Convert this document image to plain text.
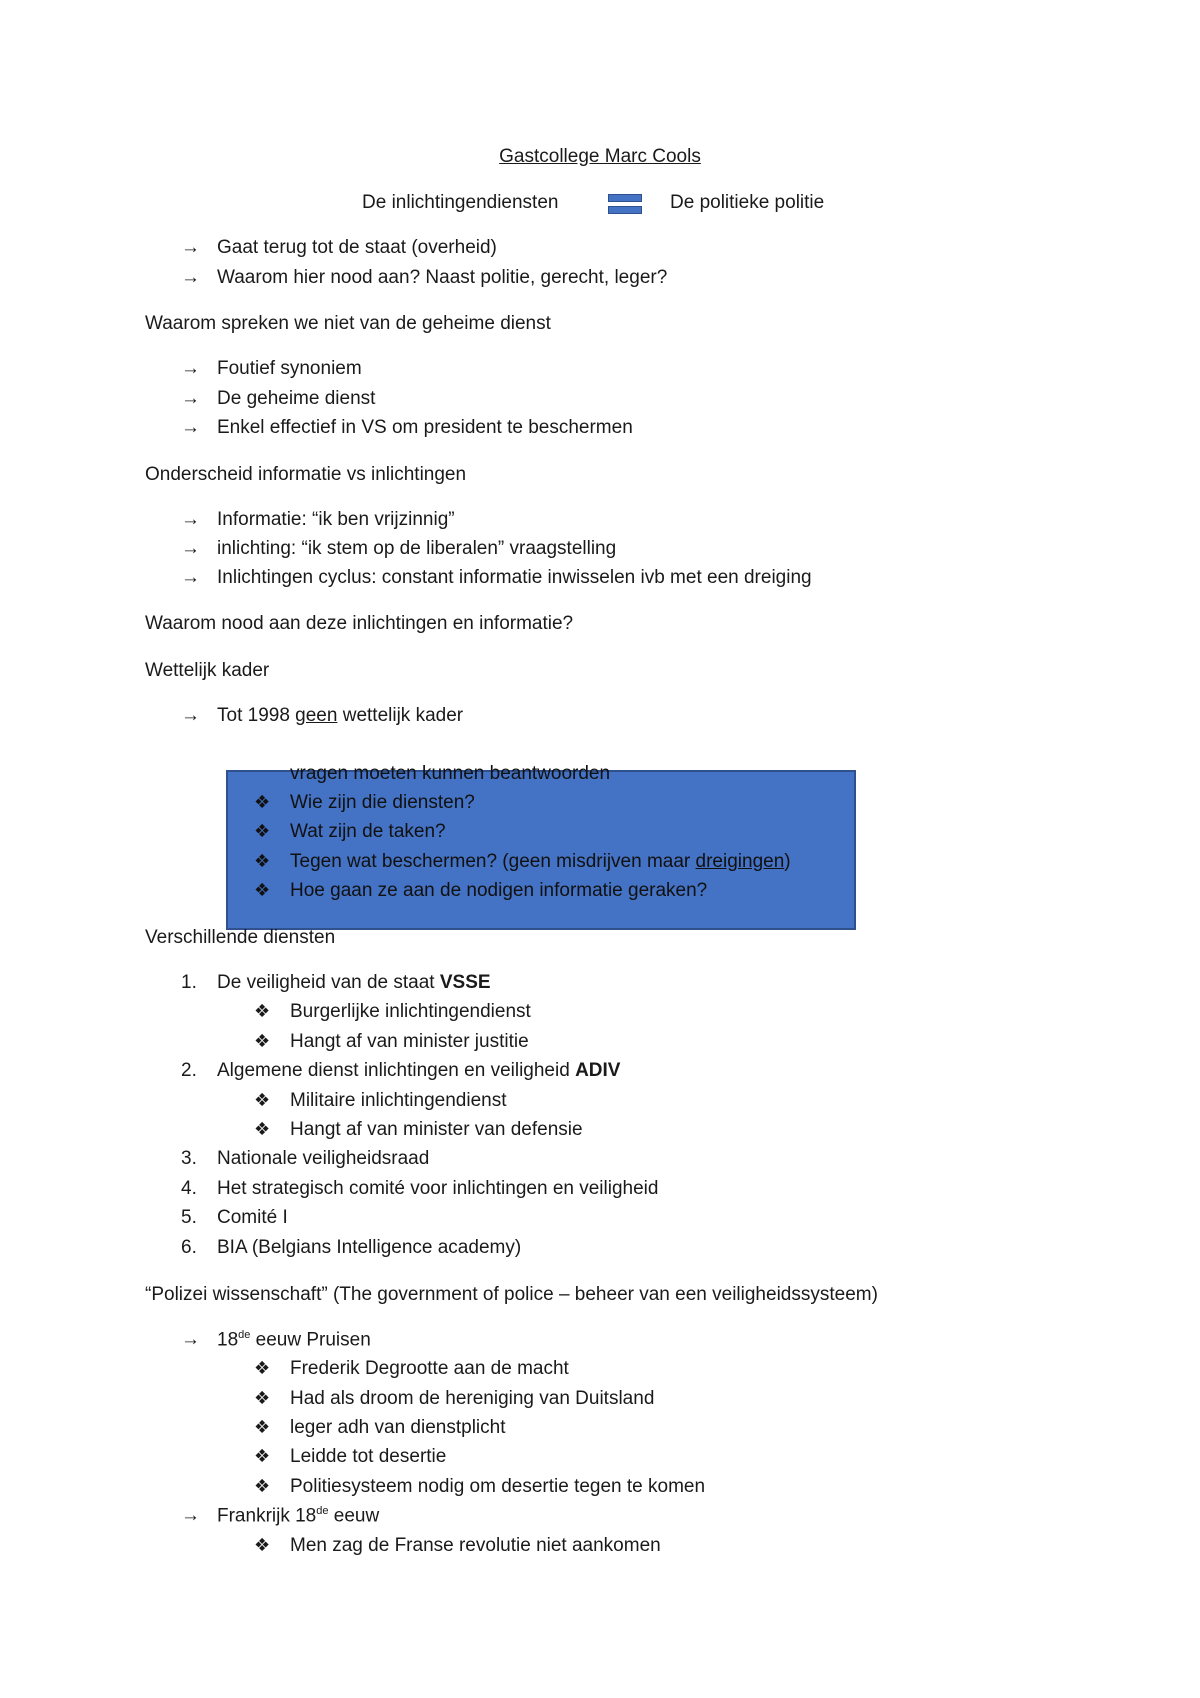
Gastcollege Marc Cools
De inlichtingendiensten	De politieke politie
→ Gaat terug tot de staat (overheid)
→ Waarom hier nood aan? Naast politie, gerecht, leger?
Waarom spreken we niet van de geheime dienst
→ Foutief synoniem
→ De geheime dienst
→ Enkel effectief in VS om president te beschermen
Onderscheid informatie vs inlichtingen
→ Informatie: “ik ben vrijzinnig”
→ inlichting: “ik stem op de liberalen” vraagstelling
→ Inlichtingen cyclus: constant informatie inwisselen ivb met een dreiging
Waarom nood aan deze inlichtingen en informatie?
Wettelijk kader
→ Tot 1998 geen wettelijk kader
vragen moeten kunnen beantwoorden
❖ Wie zijn die diensten?
❖ Wat zijn de taken?
❖ Tegen wat beschermen? (geen misdrijven maar dreigingen)
❖ Hoe gaan ze aan de nodigen informatie geraken?
Verschillende diensten
1. De veiligheid van de staat VSSE
❖ Burgerlijke inlichtingendienst
❖ Hangt af van minister justitie
2. Algemene dienst inlichtingen en veiligheid ADIV
❖ Militaire inlichtingendienst
❖ Hangt af van minister van defensie
3. Nationale veiligheidsraad
4. Het strategisch comité voor inlichtingen en veiligheid
5. Comité I
6. BIA (Belgians Intelligence academy)
“Polizei wissenschaft” (The government of police – beheer van een veiligheidssysteem)
→ 18de eeuw Pruisen
❖ Frederik Degrootte aan de macht
❖ Had als droom de hereniging van Duitsland
❖ leger adh van dienstplicht
❖ Leidde tot desertie
❖ Politiesysteem nodig om desertie tegen te komen
→ Frankrijk 18de eeuw
❖ Men zag de Franse revolutie niet aankomen
